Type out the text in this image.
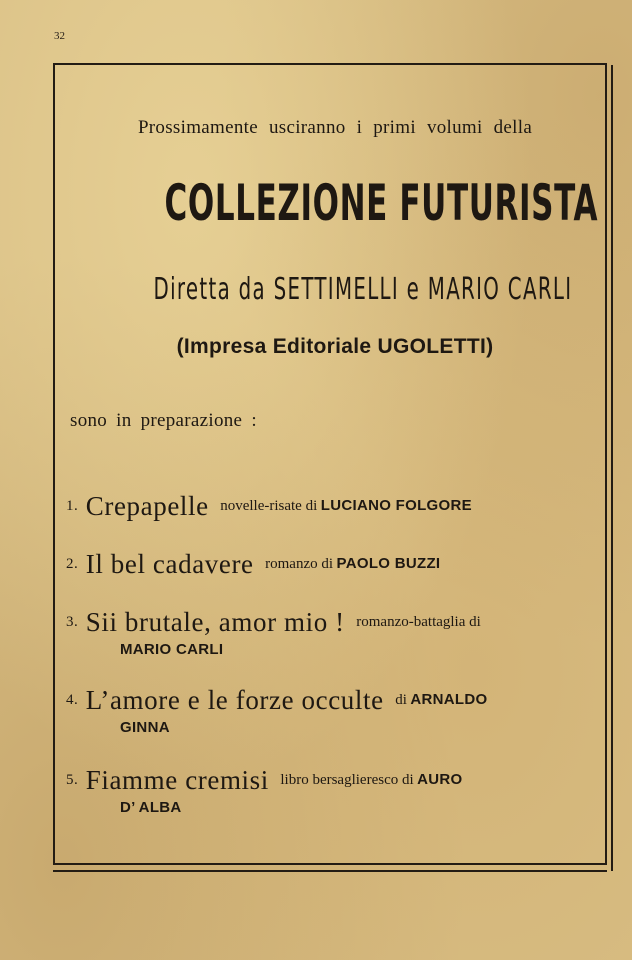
32
Prossimamente usciranno i primi volumi della
COLLEZIONE FUTURISTA
Diretta da SETTIMELLI e MARIO CARLI
(Impresa Editoriale UGOLETTI)
sono in preparazione :
1. Crepapelle novelle-risate di LUCIANO FOLGORE
2. Il bel cadavere romanzo di PAOLO BUZZI
3. Sii brutale, amor mio ! romanzo-battaglia di
MARIO CARLI
4. L’amore e le forze occulte di ARNALDO
GINNA
5. Fiamme cremisi libro bersaglieresco di AURO
D’ ALBA
